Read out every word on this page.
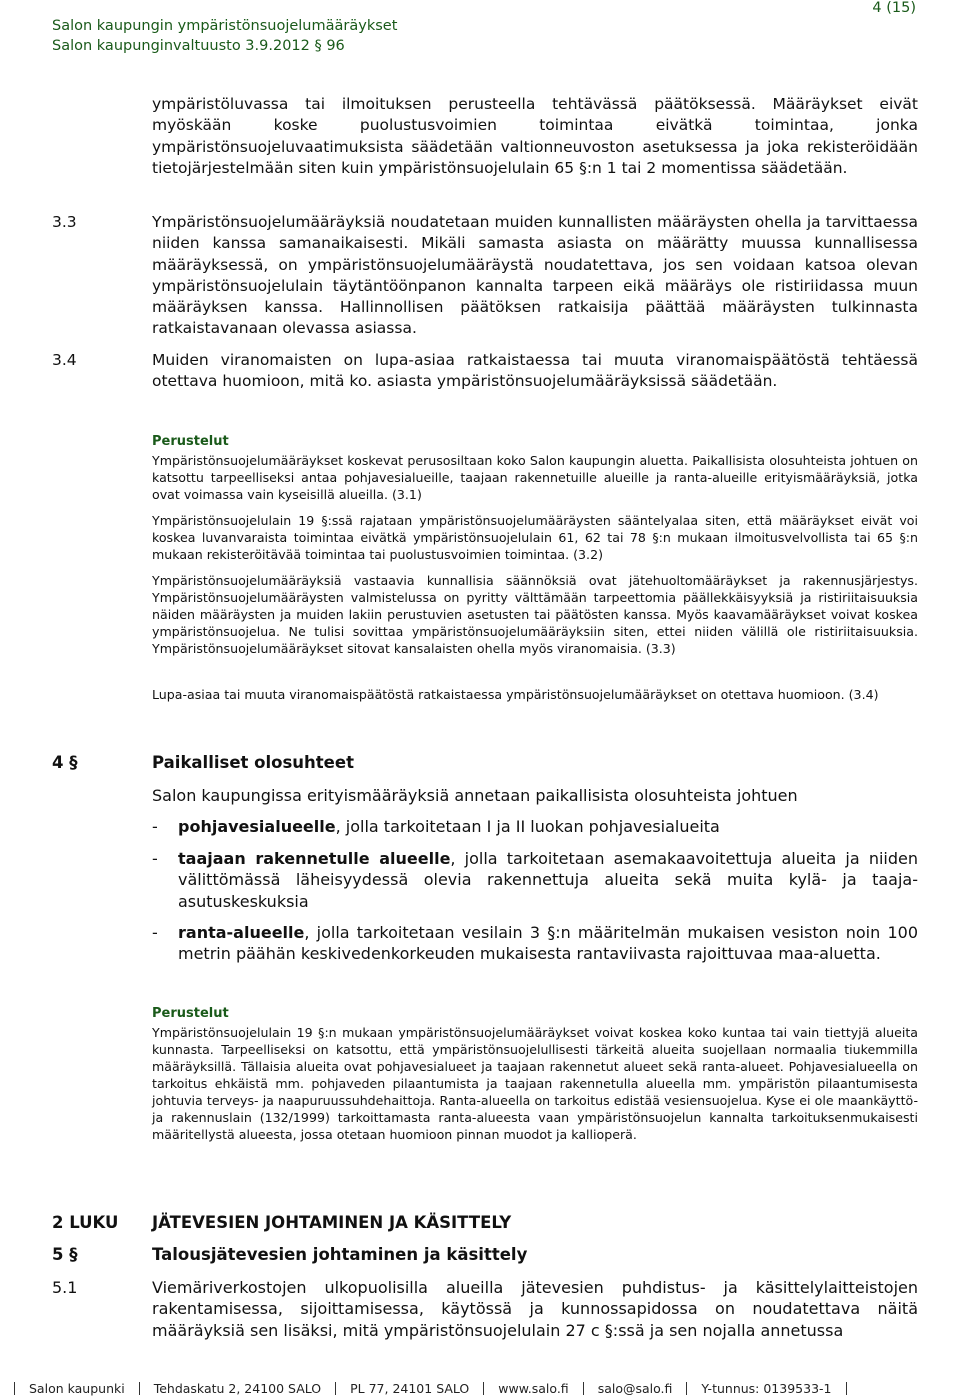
Salon kaupungin ympäristönsuojelumääräykset
Salon kaupunginvaltuusto 3.9.2012 § 96
4 (15)
ympäristöluvassa tai ilmoituksen perusteella tehtävässä päätöksessä. Määräykset eivät myöskään koske puolustusvoimien toimintaa eivätkä toimintaa, jonka ympäristönsuojeluvaatimuksista säädetään valtionneuvoston asetuksessa ja joka rekisteröidään tietojärjestelmään siten kuin ympäristönsuojelulain 65 §:n 1 tai 2 momentissa säädetään.
3.3	Ympäristönsuojelumääräyksiä noudatetaan muiden kunnallisten määräysten ohella ja tarvittaessa niiden kanssa samanaikaisesti. Mikäli samasta asiasta on määrätty muussa kunnallisessa määräyksessä, on ympäristönsuojelumääräystä noudatettava, jos sen voidaan katsoa olevan ympäristönsuojelulain täytäntöönpanon kannalta tarpeen eikä määräys ole ristiriidassa muun määräyksen kanssa. Hallinnollisen päätöksen ratkaisija päättää määräysten tulkinnasta ratkaistavanaan olevassa asiassa.
3.4	Muiden viranomaisten on lupa-asiaa ratkaistaessa tai muuta viranomaispäätöstä tehtäessä otettava huomioon, mitä ko. asiasta ympäristönsuojelumääräyksissä säädetään.
Perustelut
Ympäristönsuojelumääräykset koskevat perusosiltaan koko Salon kaupungin aluetta. Paikallisista olosuhteista johtuen on katsottu tarpeelliseksi antaa pohjavesialueille, taajaan rakennetuille alueille ja ranta-alueille erityismääräyksiä, jotka ovat voimassa vain kyseisillä alueilla. (3.1)
Ympäristönsuojelulain 19 §:ssä rajataan ympäristönsuojelumääräysten sääntelyalaa siten, että määräykset eivät voi koskea luvanvaraista toimintaa eivätkä ympäristönsuojelulain 61, 62 tai 78 §:n mukaan ilmoitusvelvollista tai 65 §:n mukaan rekisteröitävää toimintaa tai puolustusvoimien toimintaa. (3.2)
Ympäristönsuojelumääräyksiä vastaavia kunnallisia säännöksiä ovat jätehuoltomääräykset ja rakennusjärjestys. Ympäristönsuojelumääräysten valmistelussa on pyritty välttämään tarpeettomia päällekkäisyyksiä ja ristiriitaisuuksia näiden määräysten ja muiden lakiin perustuvien asetusten tai päätösten kanssa. Myös kaavamääräykset voivat koskea ympäristönsuojelua. Ne tulisi sovittaa ympäristönsuojelumääräyksiin siten, ettei niiden välillä ole ristiriitaisuuksia. Ympäristönsuojelumääräykset sitovat kansalaisten ohella myös viranomaisia. (3.3)
Lupa-asiaa tai muuta viranomaispäätöstä ratkaistaessa ympäristönsuojelumääräykset on otettava huomioon. (3.4)
4 §	Paikalliset olosuhteet
Salon kaupungissa erityismääräyksiä annetaan paikallisista olosuhteista johtuen
- pohjavesialueelle, jolla tarkoitetaan I ja II luokan pohjavesialueita
- taajaan rakennetulle alueelle, jolla tarkoitetaan asemakaavoitettuja alueita ja niiden välittömässä läheisyydessä olevia rakennettuja alueita sekä muita kylä- ja taaja-asutuskeskuksia
- ranta-alueelle, jolla tarkoitetaan vesilain 3 §:n määritelmän mukaisen vesiston noin 100 metrin päähän keskivedenkorkeuden mukaisesta rantaviivasta rajoittuvaa maa-aluetta.
Perustelut
Ympäristönsuojelulain 19 §:n mukaan ympäristönsuojelumääräykset voivat koskea koko kuntaa tai vain tiettyjä alueita kunnasta. Tarpeelliseksi on katsottu, että ympäristönsuojelullisesti tärkeitä alueita suojellaan normaalia tiukemmilla määräyksillä. Tällaisia alueita ovat pohjavesialueet ja taajaan rakennetut alueet sekä ranta-alueet. Pohjavesialueella on tarkoitus ehkäistä mm. pohjaveden pilaantumista ja taajaan rakennetulla alueella mm. ympäristön pilaantumisesta johtuvia terveys- ja naapuruussuhdehaittoja. Ranta-alueella on tarkoitus edistää vesiensuojelua. Kyse ei ole maankäyttö- ja rakennuslain (132/1999) tarkoittamasta ranta-alueesta vaan ympäristönsuojelun kannalta tarkoituksenmukaisesti määritellystä alueesta, jossa otetaan huomioon pinnan muodot ja kallioperä.
2 LUKU JÄTEVESIEN JOHTAMINEN JA KÄSITTELY
5 §	Talousjätevesien johtaminen ja käsittely
5.1	Viemäriverkostojen ulkopuolisilla alueilla jätevesien puhdistus- ja käsittelylaitteistojen rakentamisessa, sijoittamisessa, käytössä ja kunnossapidossa on noudatettava näitä määräyksiä sen lisäksi, mitä ympäristönsuojelulain 27 c §:ssä ja sen nojalla annetussa
Salon kaupunki Tehdaskatu 2, 24100 SALO PL 77, 24101 SALO www.salo.fi salo@salo.fi Y-tunnus: 0139533-1
